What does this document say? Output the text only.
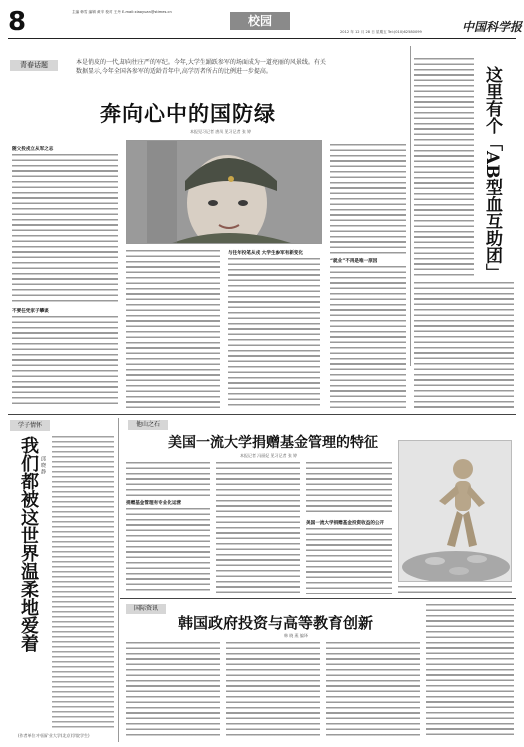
8	主编 韩雪 编辑 黄辛 校对 王丹 E-mail:xiaoyuan@stimes.cn
校园
2012 年 12 月 28 日 星期五 Tel:(010)62580099	中国科学报
青春话题	本是俏皮的一代,却向往庄严的军纪。今年,大学生踊跃参军的场面成为一道亮丽的风景线。有关数据显示,今年全国各参军的适龄青年中,高学历者所占的比例进一步提高。
奔向心中的国防绿
本报见习记者 唐凤 见习记者 张 婷
随父投戎立从军之志
不要任凭家子攀谈
与往年投笔从戎 大学生参军有新变化
“就业”不再是唯一原因	这里有个「AB型血互助团」
学子情怀
我们都被这世界温柔地爱着 邱 晓 静
他山之石
美国一流大学捐赠基金管理的特征
本报记者 冯丽妃 见习记者 张 婷
捐赠基金管理有专业化运营
美国一流大学捐赠基金投资收益的公开
国际资讯
韩国政府投资与高等教育创新
韩 晓 燕 编译
(作者单位:中国矿业大学(北京)学院学生)
